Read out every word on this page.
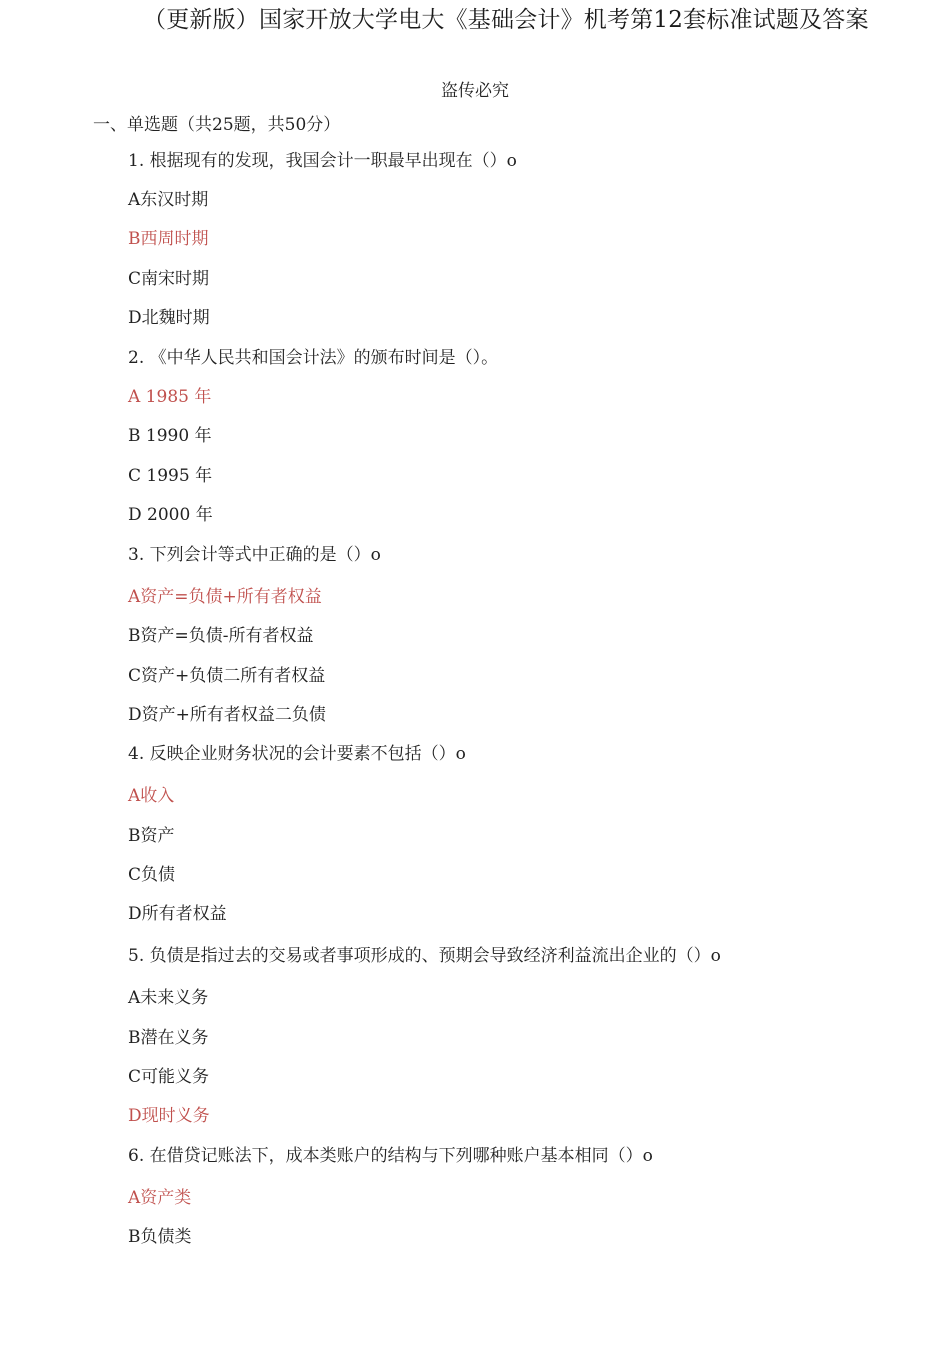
（更新版）国家开放大学电大《基础会计》机考第12套标准试题及答案
盗传必究
一、单选题（共25题，共50分）
1. 根据现有的发现，我国会计一职最早出现在（）o
A东汉时期
B西周时期
C南宋时期
D北魏时期
2. 《中华人民共和国会计法》的颁布时间是（）。
A 1985 年
B 1990 年
C 1995 年
D 2000 年
3. 下列会计等式中正确的是（）o
A资产=负债+所有者权益
B资产=负债-所有者权益
C资产+负债二所有者权益
D资产+所有者权益二负债
4. 反映企业财务状况的会计要素不包括（）o
A收入
B资产
C负债
D所有者权益
5. 负债是指过去的交易或者事项形成的、预期会导致经济利益流出企业的（）o
A未来义务
B潜在义务
C可能义务
D现时义务
6. 在借贷记账法下，成本类账户的结构与下列哪种账户基本相同（）o
A资产类
B负债类
